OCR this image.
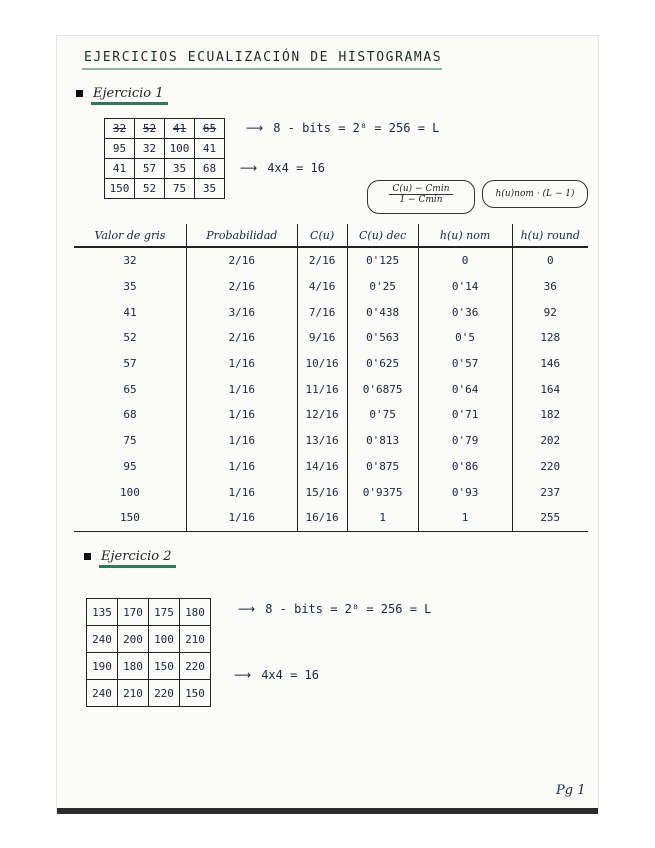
EJERCICIOS ECUALIZACIÓN DE HISTOGRAMAS
Ejercicio 1
32	52	41	65
95	32	100	41
41	57	35	68
150	52	75	35
⟶ 8 - bits = 2⁸ = 256 = L
⟶ 4x4 = 16
C(u) − Cmin
1 − Cmin
h(u)nom · (L − 1)
Valor de gris	Probabilidad	C(u)	C(u) dec	h(u) nom	h(u) round
32	2/16	2/16	0'125	0	0
35	2/16	4/16	0'25	0'14	36
41	3/16	7/16	0'438	0'36	92
52	2/16	9/16	0'563	0'5	128
57	1/16	10/16	0'625	0'57	146
65	1/16	11/16	0'6875	0'64	164
68	1/16	12/16	0'75	0'71	182
75	1/16	13/16	0'813	0'79	202
95	1/16	14/16	0'875	0'86	220
100	1/16	15/16	0'9375	0'93	237
150	1/16	16/16	1	1	255
Ejercicio 2
135	170	175	180
240	200	100	210
190	180	150	220
240	210	220	150
⟶ 8 - bits = 2⁸ = 256 = L
⟶ 4x4 = 16
Pg 1
